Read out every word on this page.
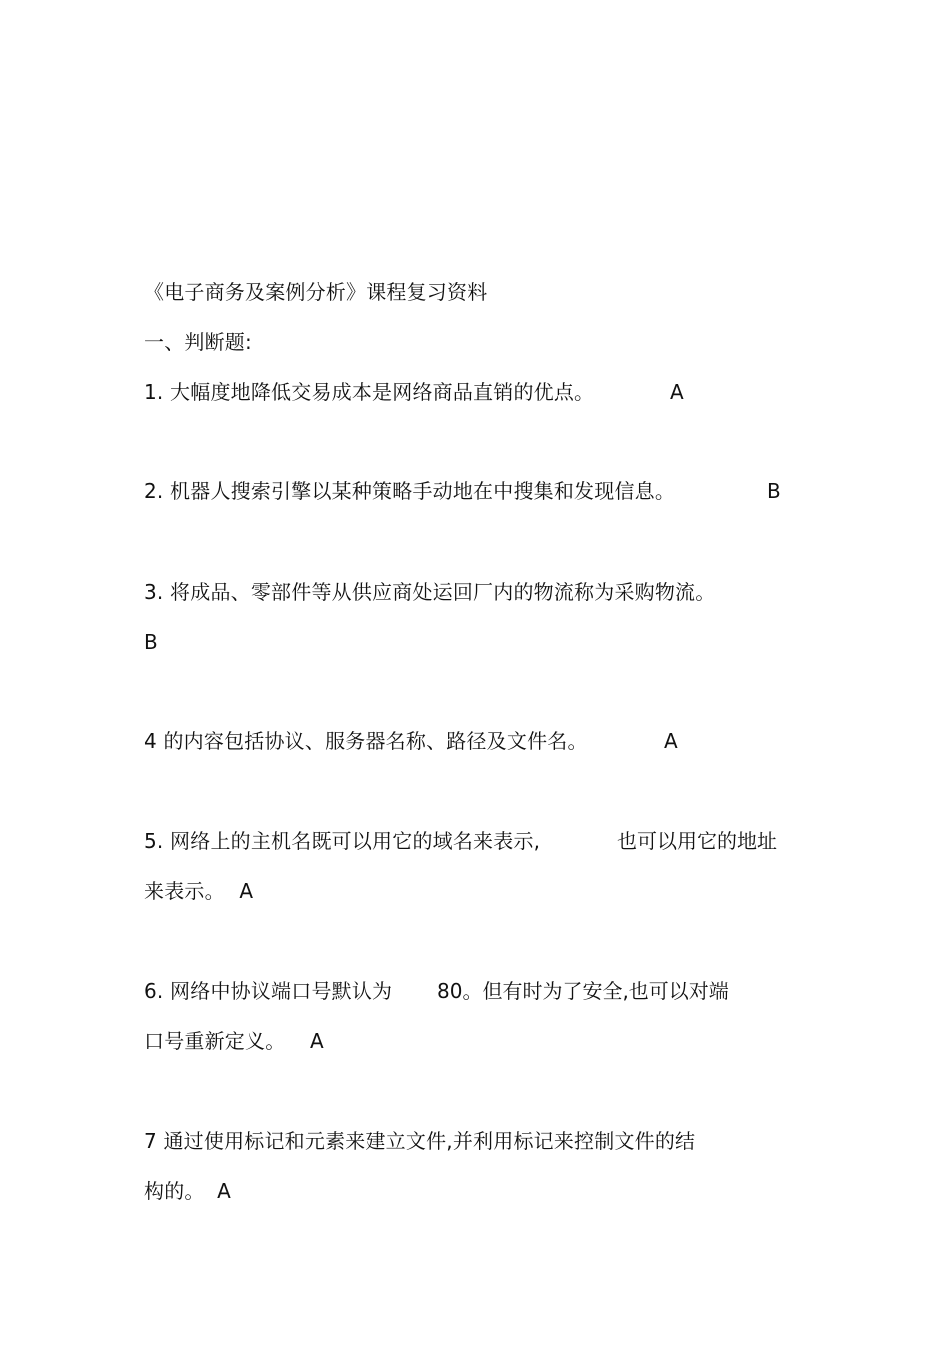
《电子商务及案例分析》课程复习资料
一、判断题:
1. 大幅度地降低交易成本是网络商品直销的优点。	A
2. 机器人搜索引擎以某种策略手动地在中搜集和发现信息。	B
3. 将成品、零部件等从供应商处运回厂内的物流称为采购物流。
B
4 的内容包括协议、服务器名称、路径及文件名。	A
5. 网络上的主机名既可以用它的域名来表示,	也可以用它的地址
来表示。 A
6. 网络中协议端口号默认为 80。但有时为了安全,也可以对端
口号重新定义。 A
7 通过使用标记和元素来建立文件,并利用标记来控制文件的结
构的。 A
